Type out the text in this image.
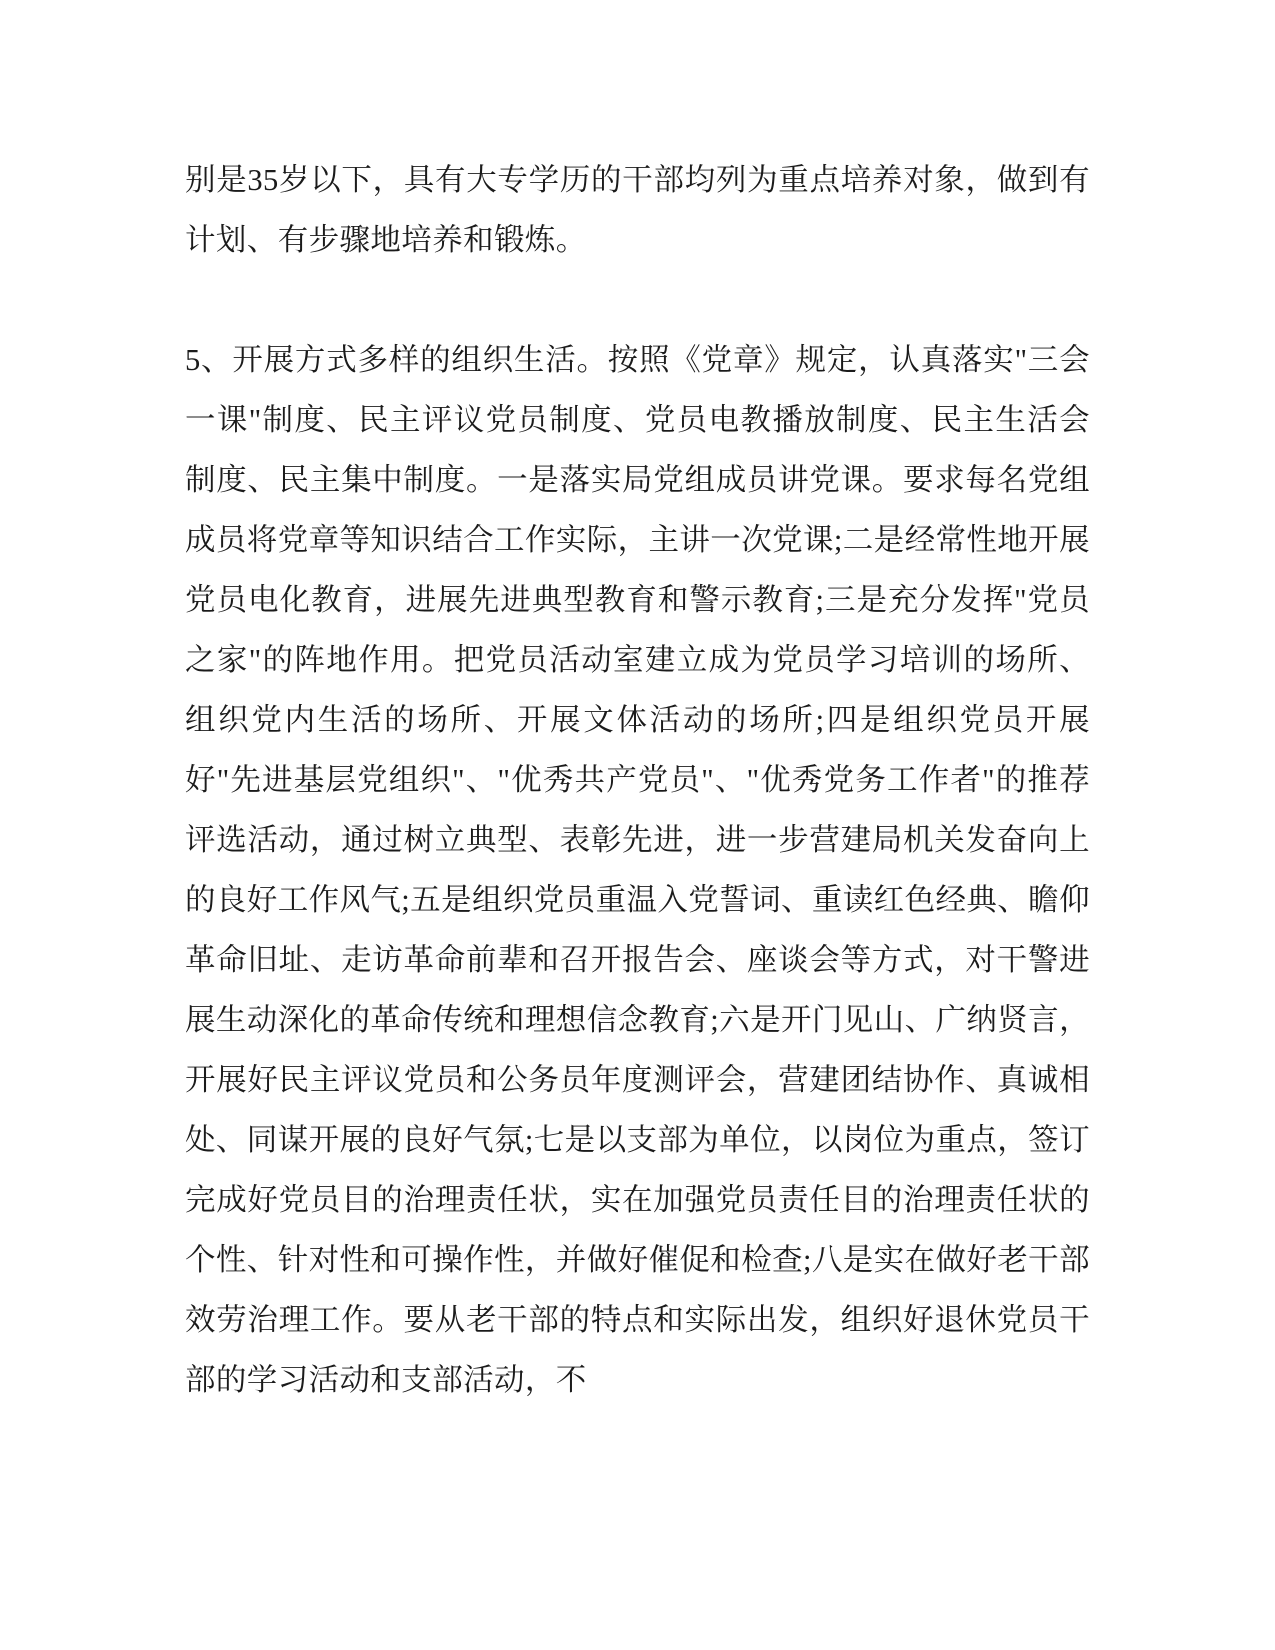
别是35岁以下，具有大专学历的干部均列为重点培养对象，做到有计划、有步骤地培养和锻炼。

5、开展方式多样的组织生活。按照《党章》规定，认真落实"三会一课"制度、民主评议党员制度、党员电教播放制度、民主生活会制度、民主集中制度。一是落实局党组成员讲党课。要求每名党组成员将党章等知识结合工作实际，主讲一次党课;二是经常性地开展党员电化教育，进展先进典型教育和警示教育;三是充分发挥"党员之家"的阵地作用。把党员活动室建立成为党员学习培训的场所、组织党内生活的场所、开展文体活动的场所;四是组织党员开展好"先进基层党组织"、"优秀共产党员"、"优秀党务工作者"的推荐评选活动，通过树立典型、表彰先进，进一步营建局机关发奋向上的良好工作风气;五是组织党员重温入党誓词、重读红色经典、瞻仰革命旧址、走访革命前辈和召开报告会、座谈会等方式，对干警进展生动深化的革命传统和理想信念教育;六是开门见山、广纳贤言，开展好民主评议党员和公务员年度测评会，营建团结协作、真诚相处、同谋开展的良好气氛;七是以支部为单位，以岗位为重点，签订完成好党员目的治理责任状，实在加强党员责任目的治理责任状的个性、针对性和可操作性，并做好催促和检查;八是实在做好老干部效劳治理工作。要从老干部的特点和实际出发，组织好退休党员干部的学习活动和支部活动，不
